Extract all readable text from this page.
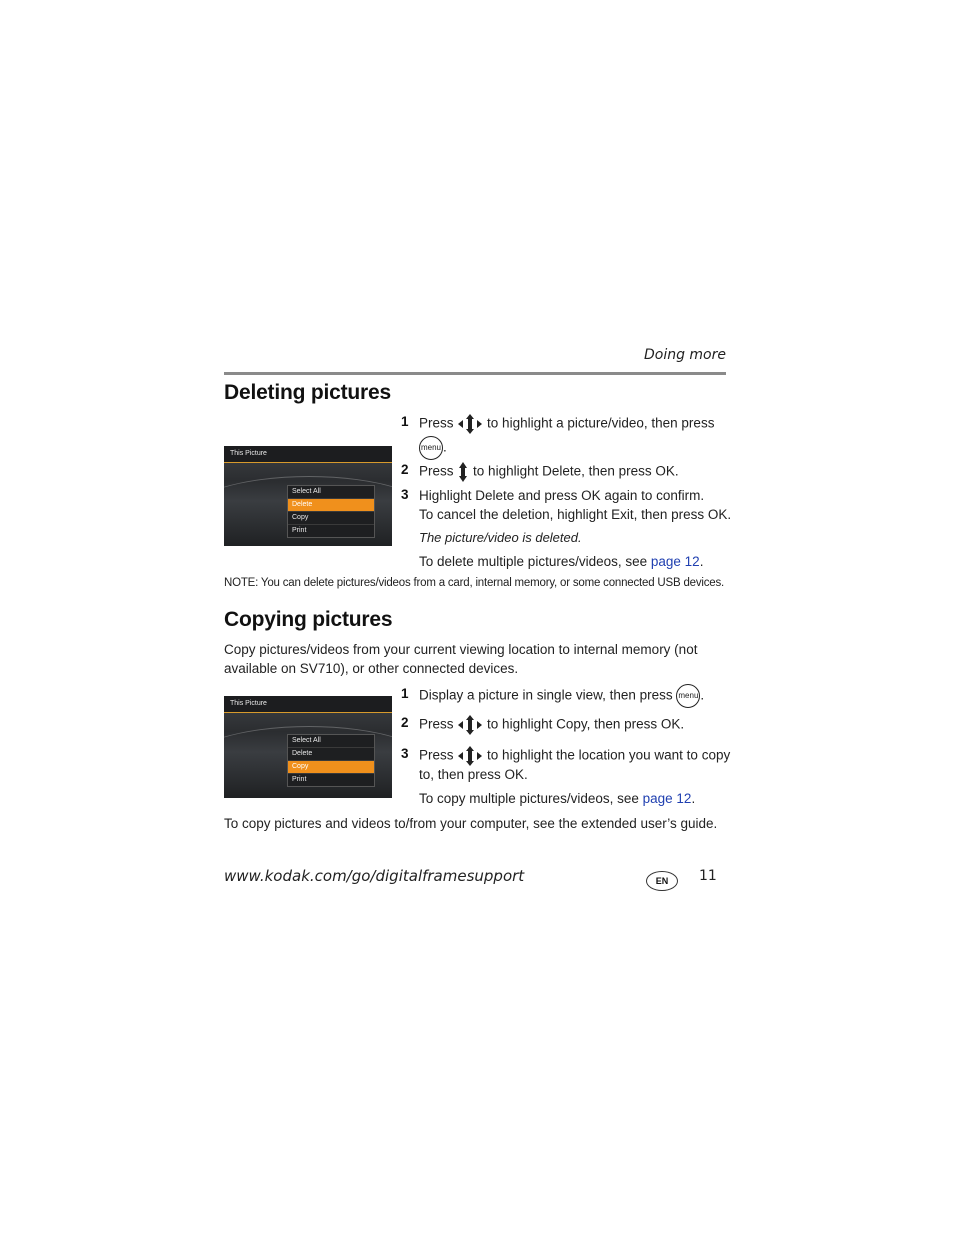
Doing more
Deleting pictures
This Picture
Select All
Delete
Copy
Print
1 Press to highlight a picture/video, then press
menu .
2 Press to highlight Delete, then press OK.
3 Highlight Delete and press OK again to confirm.
To cancel the deletion, highlight Exit, then press OK.
The picture/video is deleted.
To delete multiple pictures/videos, see page 12.
NOTE: You can delete pictures/videos from a card, internal memory, or some connected USB devices.
Copying pictures
Copy pictures/videos from your current viewing location to internal memory (not
available on SV710), or other connected devices.
This Picture
Select All
Delete
Copy
Print
1 Display a picture in single view, then press menu .
2 Press to highlight Copy, then press OK.
3 Press to highlight the location you want to copy
to, then press OK.
To copy multiple pictures/videos, see page 12.
To copy pictures and videos to/from your computer, see the extended user’s guide.
www.kodak.com/go/digitalframesupport	EN	11
